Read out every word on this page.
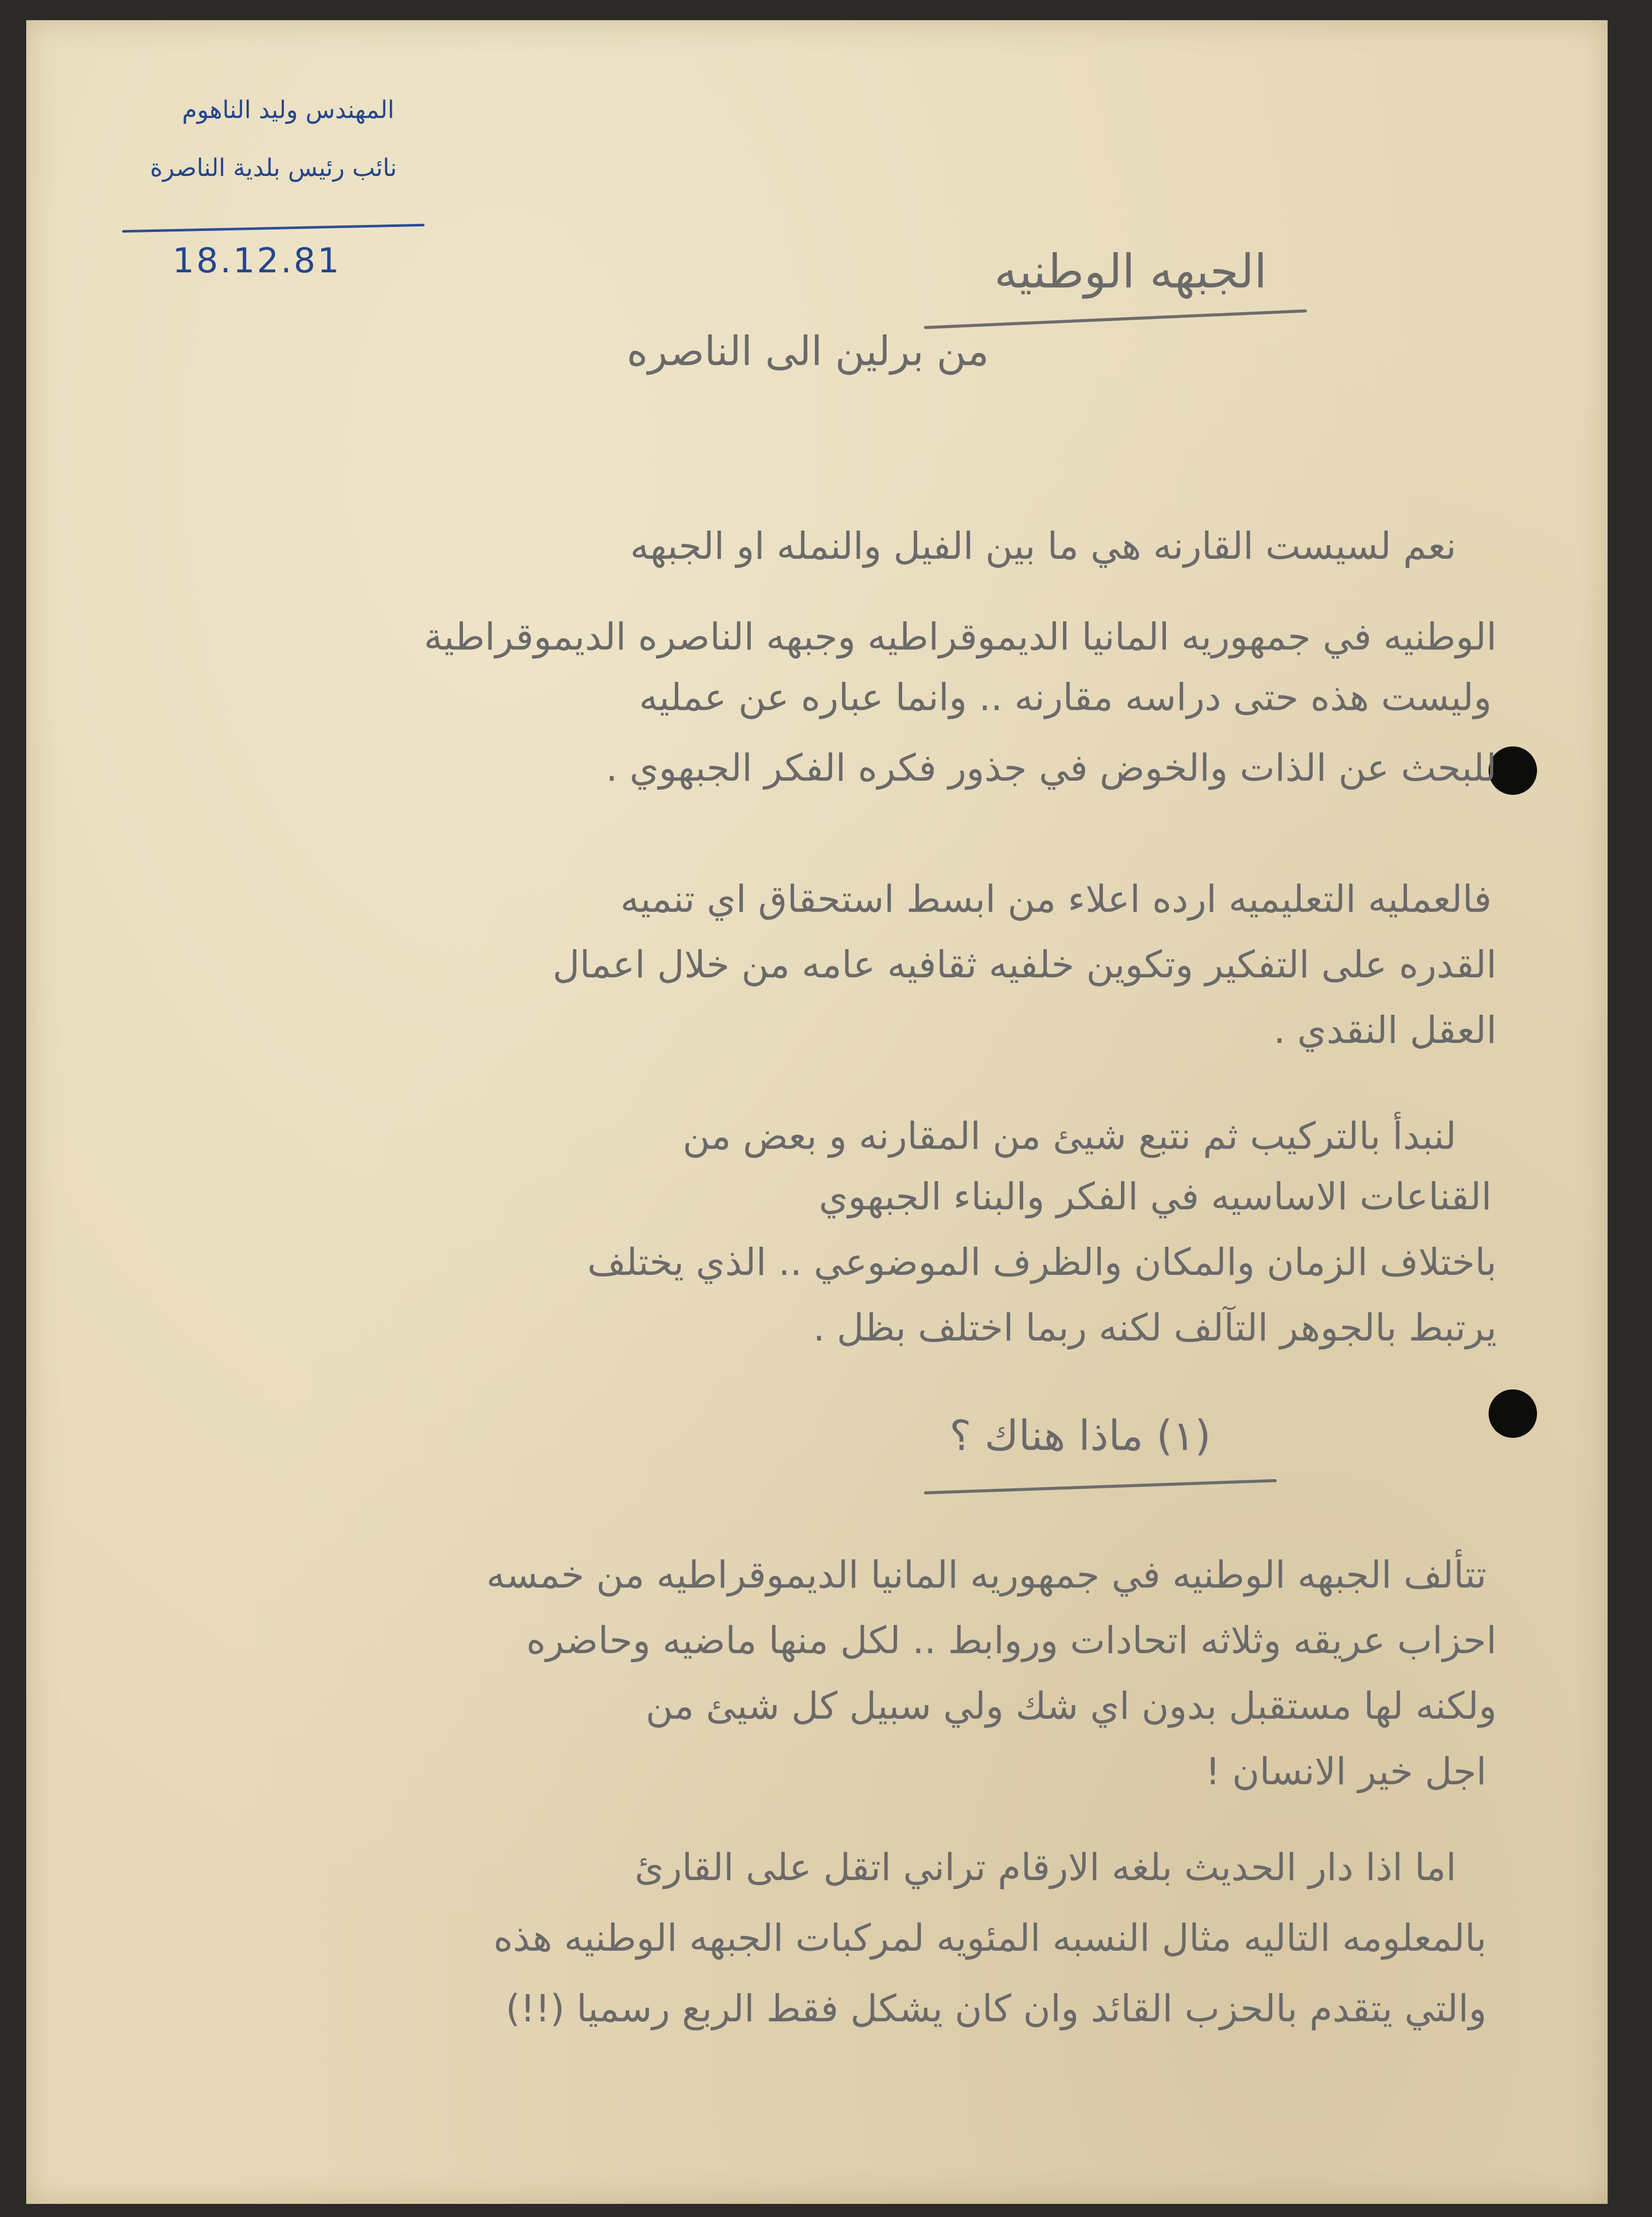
المهندس وليد الناهوم
نائب رئيس بلدية الناصرة
18.12.81	الجبهه الوطنيه
من برلين الى الناصره
نعم لسيست القارنه هي ما بين الفيل والنمله او الجبهه
الوطنيه في جمهوريه المانيا الديموقراطيه وجبهه الناصره الديموقراطية
وليست هذه حتى دراسه مقارنه .. وانما عباره عن عمليه
للبحث عن الذات والخوض في جذور فكره الفكر الجبهوي .
فالعمليه التعليميه ارده اعلاء من ابسط استحقاق اي تنميه
القدره على التفكير وتكوين خلفيه ثقافيه عامه من خلال اعمال
العقل النقدي .
لنبدأ بالتركيب ثم نتبع شيئ من المقارنه و بعض من
القناعات الاساسيه في الفكر والبناء الجبهوي
باختلاف الزمان والمكان والظرف الموضوعي .. الذي يختلف
يرتبط بالجوهر التآلف لكنه ربما اختلف بظل .
(١) ماذا هناك ؟
تتألف الجبهه الوطنيه في جمهوريه المانيا الديموقراطيه من خمسه
احزاب عريقه وثلاثه اتحادات وروابط .. لكل منها ماضيه وحاضره
ولكنه لها مستقبل بدون اي شك ولي سبيل كل شيئ من
اجل خير الانسان !
اما اذا دار الحديث بلغه الارقام تراني اتقل على القارئ
بالمعلومه التاليه مثال النسبه المئويه لمركبات الجبهه الوطنيه هذه
والتي يتقدم بالحزب القائد وان كان يشكل فقط الربع رسميا (!!)
